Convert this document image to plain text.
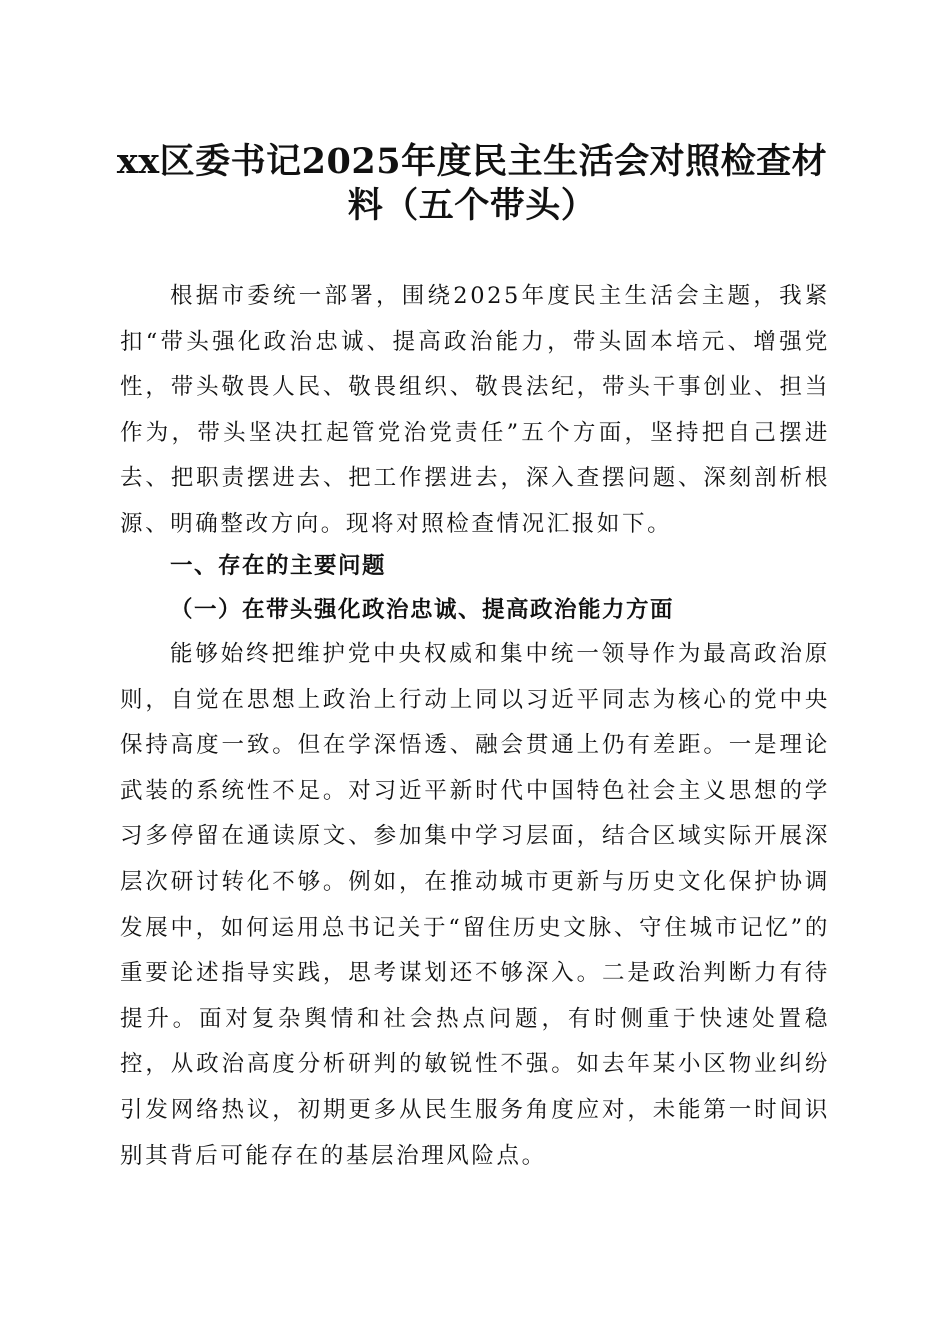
xx区委书记2025年度民主生活会对照检查材料（五个带头）

根据市委统一部署，围绕2025年度民主生活会主题，我紧扣“带头强化政治忠诚、提高政治能力，带头固本培元、增强党性，带头敬畏人民、敬畏组织、敬畏法纪，带头干事创业、担当作为，带头坚决扛起管党治党责任”五个方面，坚持把自己摆进去、把职责摆进去、把工作摆进去，深入查摆问题、深刻剖析根源、明确整改方向。现将对照检查情况汇报如下。

一、存在的主要问题
（一）在带头强化政治忠诚、提高政治能力方面

能够始终把维护党中央权威和集中统一领导作为最高政治原则，自觉在思想上政治上行动上同以习近平同志为核心的党中央保持高度一致。但在学深悟透、融会贯通上仍有差距。一是理论武装的系统性不足。对习近平新时代中国特色社会主义思想的学习多停留在通读原文、参加集中学习层面，结合区域实际开展深层次研讨转化不够。例如，在推动城市更新与历史文化保护协调发展中，如何运用总书记关于“留住历史文脉、守住城市记忆”的重要论述指导实践，思考谋划还不够深入。二是政治判断力有待提升。面对复杂舆情和社会热点问题，有时侧重于快速处置稳控，从政治高度分析研判的敏锐性不强。如去年某小区物业纠纷引发网络热议，初期更多从民生服务角度应对，未能第一时间识别其背后可能存在的基层治理风险点。
